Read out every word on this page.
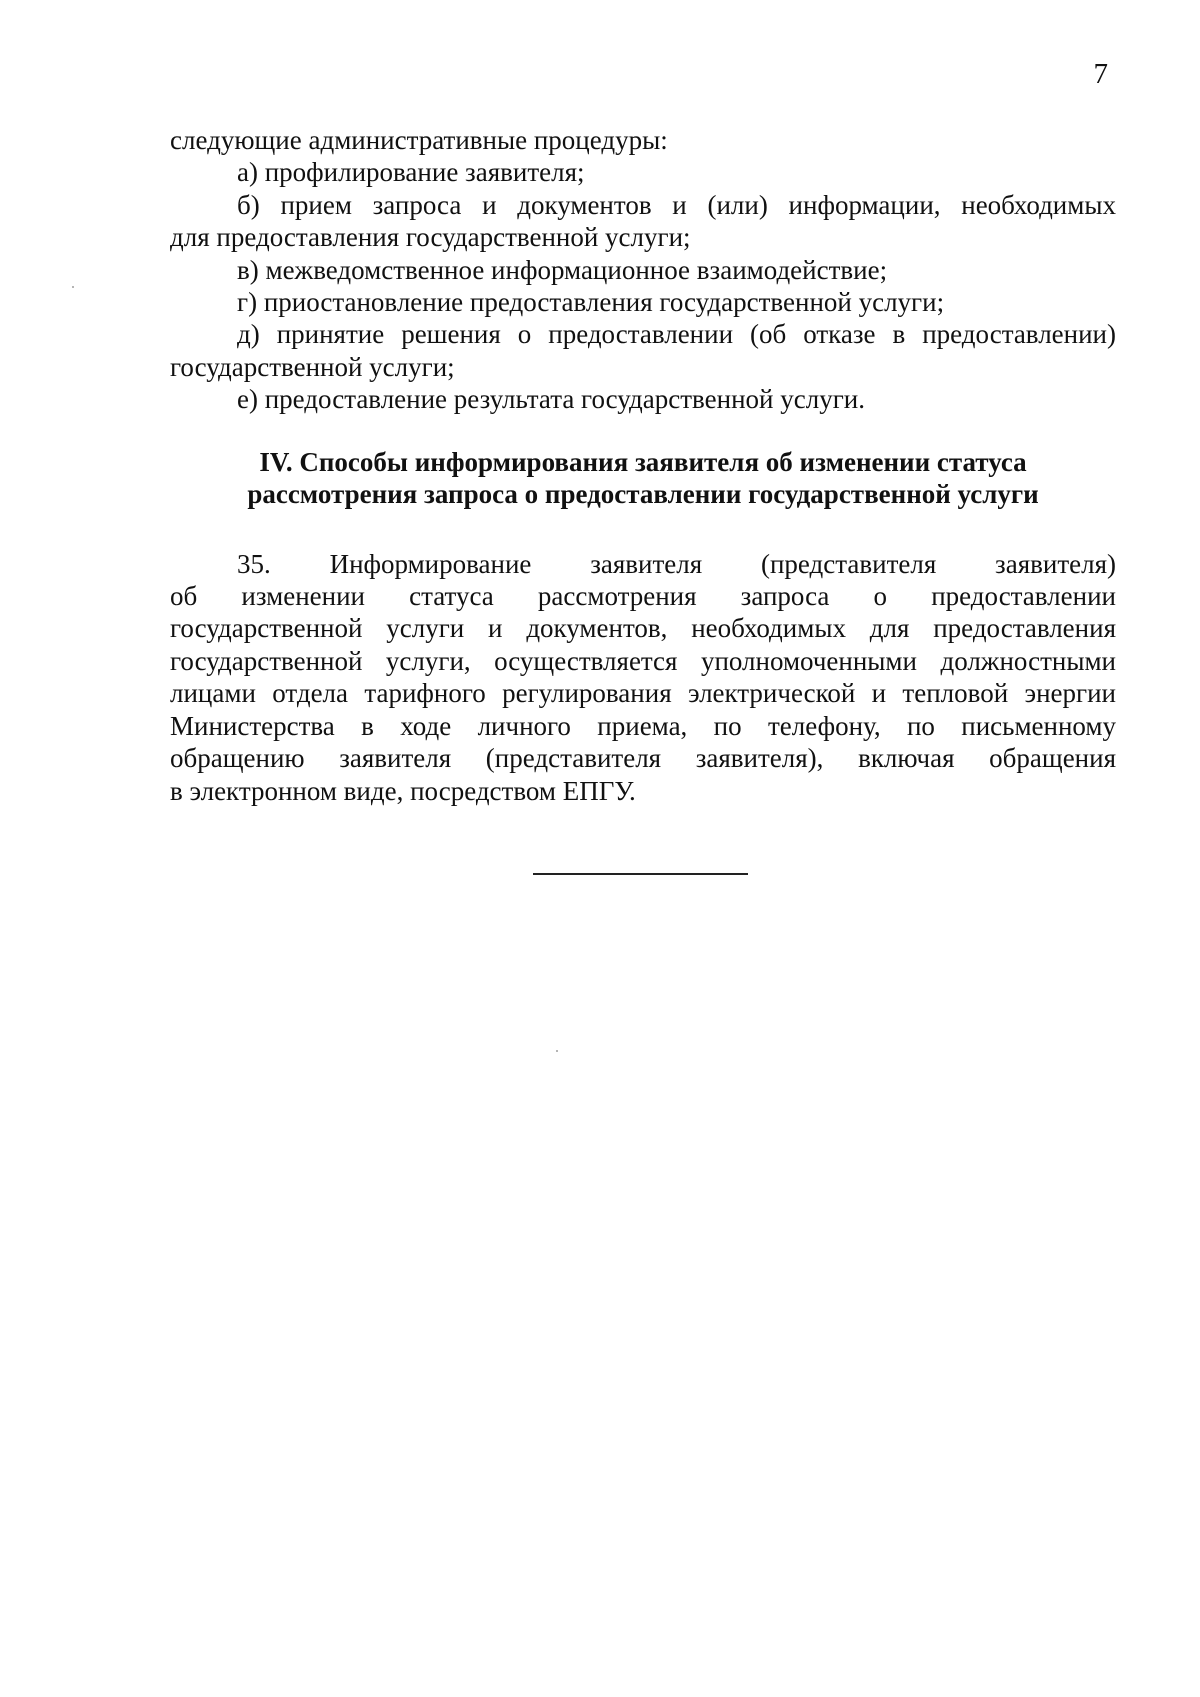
7
следующие административные процедуры:
а) профилирование заявителя;
б) прием запроса и документов и (или) информации, необходимых
для предоставления государственной услуги;
в) межведомственное информационное взаимодействие;
г) приостановление предоставления государственной услуги;
д) принятие решения о предоставлении (об отказе в предоставлении)
государственной услуги;
е) предоставление результата государственной услуги.
IV. Способы информирования заявителя об изменении статуса
рассмотрения запроса о предоставлении государственной услуги
35. Информирование заявителя (представителя заявителя)
об изменении статуса рассмотрения запроса о предоставлении
государственной услуги и документов, необходимых для предоставления
государственной услуги, осуществляется уполномоченными должностными
лицами отдела тарифного регулирования электрической и тепловой энергии
Министерства в ходе личного приема, по телефону, по письменному
обращению заявителя (представителя заявителя), включая обращения
в электронном виде, посредством ЕПГУ.
